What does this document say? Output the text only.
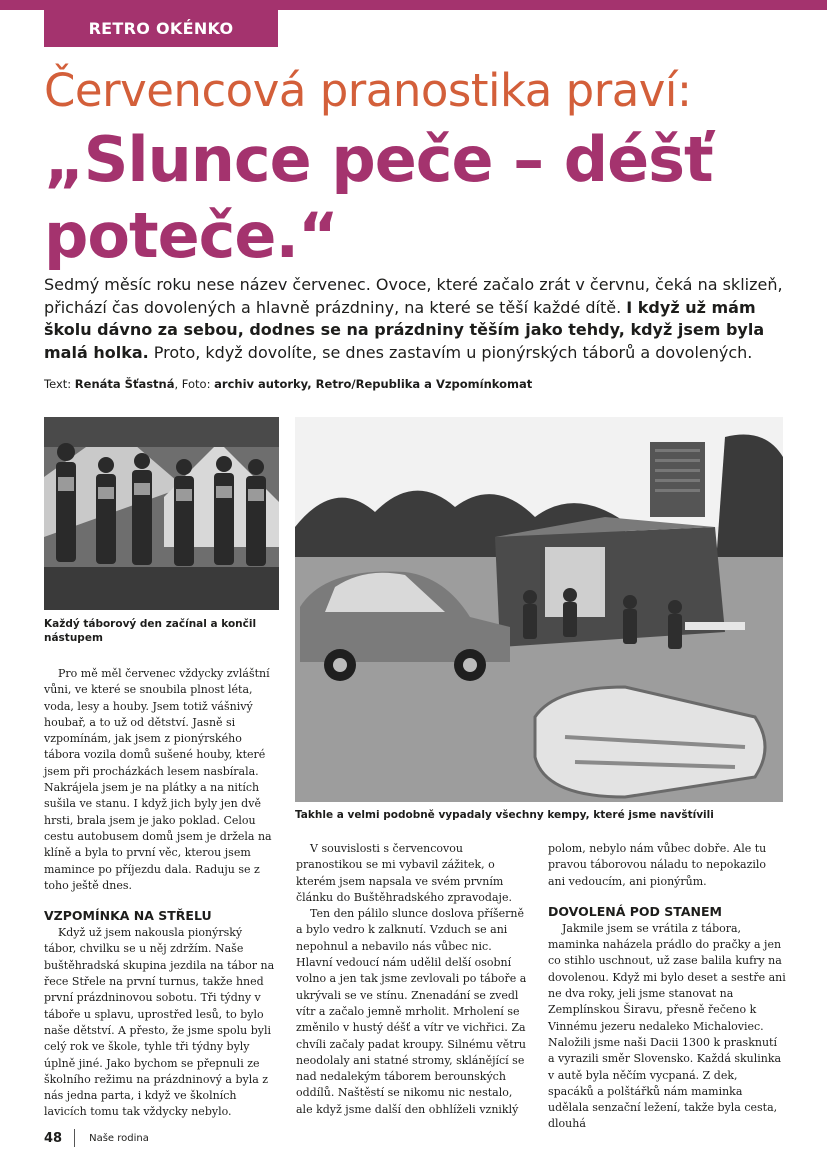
RETRO OKÉNKO
Červencová pranostika praví:
„Slunce peče – déšť poteče.“
Sedmý měsíc roku nese název červenec. Ovoce, které začalo zrát v červnu, čeká na sklizeň, přichází čas dovolených a hlavně prázdniny, na které se těší každé dítě. I když už mám školu dávno za sebou, dodnes se na prázdniny těším jako tehdy, když jsem byla malá holka. Proto, když dovolíte, se dnes zastavím u pionýrských táborů a dovolených.
Text: Renáta Šťastná, Foto: archiv autorky, Retro/Republika a Vzpomínkomat
Každý táborový den začínal a končil nástupem
Takhle a velmi podobně vypadaly všechny kempy, které jsme navštívili

Pro mě měl červenec vždycky zvláštní vůni, ve které se snoubila plnost léta, voda, lesy a houby. Jsem totiž vášnivý houbař, a to už od dětství. Jasně si vzpomínám, jak jsem z pionýrského tábora vozila domů sušené houby, které jsem při procházkách lesem nasbírala. Nakrájela jsem je na plátky a na nitích sušila ve stanu. I když jich byly jen dvě hrsti, brala jsem je jako poklad. Celou cestu autobusem domů jsem je držela na klíně a byla to první věc, kterou jsem mamince po příjezdu dala. Raduju se z toho ještě dnes.

VZPOMÍNKA NA STŘELU

Když už jsem nakousla pionýrský tábor, chvilku se u něj zdržím. Naše buštěhradská skupina jezdila na tábor na řece Střele na první turnus, takže hned první prázdninovou sobotu. Tři týdny v táboře u splavu, uprostřed lesů, to bylo naše dětství. A přesto, že jsme spolu byli celý rok ve škole, tyhle tři týdny byly úplně jiné. Jako bychom se přepnuli ze školního režimu na prázdninový a byla z nás jedna parta, i když ve školních lavicích tomu tak vždycky nebylo.

V souvislosti s červencovou pranostikou se mi vybavil zážitek, o kterém jsem napsala ve svém prvním článku do Buštěhradského zpravodaje.

Ten den pálilo slunce doslova příšerně a bylo vedro k zalknutí. Vzduch se ani nepohnul a nebavilo nás vůbec nic. Hlavní vedoucí nám udělil delší osobní volno a jen tak jsme zevlovali po táboře a ukrývali se ve stínu. Znenadání se zvedl vítr a začalo jemně mrholit. Mrholení se změnilo v hustý déšť a vítr ve vichřici. Za chvíli začaly padat kroupy. Silnému větru neodolaly ani statné stromy, sklánějící se nad nedalekým táborem berounských oddílů. Naštěstí se nikomu nic nestalo, ale když jsme další den obhlíželi vzniklý

polom, nebylo nám vůbec dobře. Ale tu pravou táborovou náladu to nepokazilo ani vedoucím, ani pionýrům.

DOVOLENÁ POD STANEM

Jakmile jsem se vrátila z tábora, maminka naházela prádlo do pračky a jen co stihlo uschnout, už zase balila kufry na dovolenou. Když mi bylo deset a sestře ani ne dva roky, jeli jsme stanovat na Zemplínskou Širavu, přesně řečeno k Vinnému jezeru nedaleko Michaloviec. Naložili jsme naši Dacii 1300 k prasknutí a vyrazili směr Slovensko. Každá skulinka v autě byla něčím vycpaná. Z dek, spacáků a polštářků nám maminka udělala senzační ležení, takže byla cesta, dlouhá

48	Naše rodina
